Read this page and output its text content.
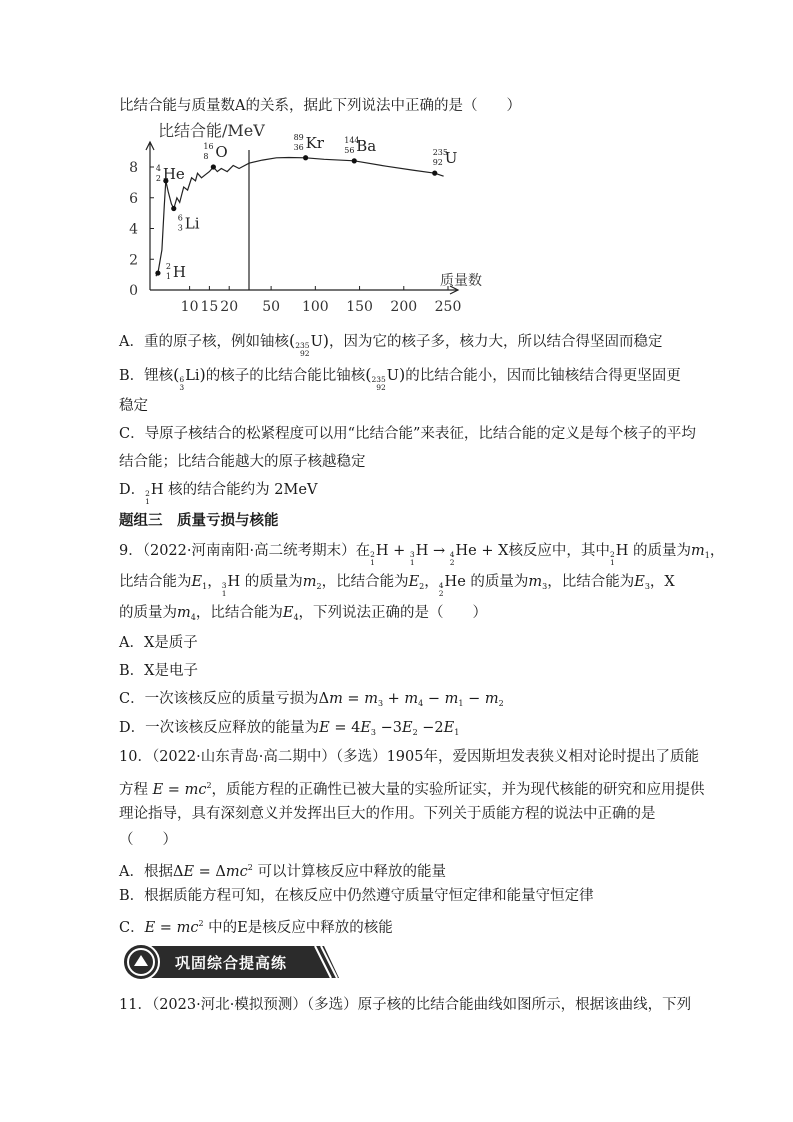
比结合能与质量数A的关系，据此下列说法中正确的是（　　）
比结合能/MeV
质量数
0
2
4
6
8
10 15 20 50 100 150 200 250
2 1 H
4 2 He
6 3 Li
16 8 O
89 36 Kr	144 56 Ba	235 92 U
A．重的原子核，例如铀核( 235
92
U)，因为它的核子多，核力大，所以结合得坚固而稳定
B．锂核( 6
3
Li)的核子的比结合能比铀核( 235
92
U)的比结合能小，因而比铀核结合得更坚固更
稳定
C．导原子核结合的松紧程度可以用“比结合能”来表征，比结合能的定义是每个核子的平均
结合能；比结合能越大的原子核越稳定
D． 2
1
H 核的结合能约为 2MeV
题组三　质量亏损与核能
9．（2022·河南南阳·高二统考期末）在 2
1
H + 3
1
H → 4
2
He + X核反应中，其中 2
1
H 的质量为$m_1$，
比结合能为$E_1$， 3
1
H 的质量为$m_2$，比结合能为$E_2$， 4
2
He 的质量为$m_3$，比结合能为$E_3$，X
的质量为$m_4$，比结合能为$E_4$，下列说法正确的是（　　）
A．X是质子
B．X是电子
C．一次该核反应的质量亏损为$\Delta m = m_3 + m_4 - m_1 - m_2$
D．一次该核反应释放的能量为$E = 4E_3 -3E_2 -2E_1$
10．（2022·山东青岛·高二期中）（多选）1905年，爱因斯坦发表狭义相对论时提出了质能
方程 $E = mc^2$，质能方程的正确性已被大量的实验所证实，并为现代核能的研究和应用提供
理论指导，具有深刻意义并发挥出巨大的作用。下列关于质能方程的说法中正确的是
（　　）
A．根据ΔE = Δmc$^2$ 可以计算核反应中释放的能量
B．根据质能方程可知，在核反应中仍然遵守质量守恒定律和能量守恒定律
C．$E = mc^2$ 中的E是核反应中释放的核能
巩固综合提高练
11．（2023·河北·模拟预测）（多选）原子核的比结合能曲线如图所示，根据该曲线，下列
